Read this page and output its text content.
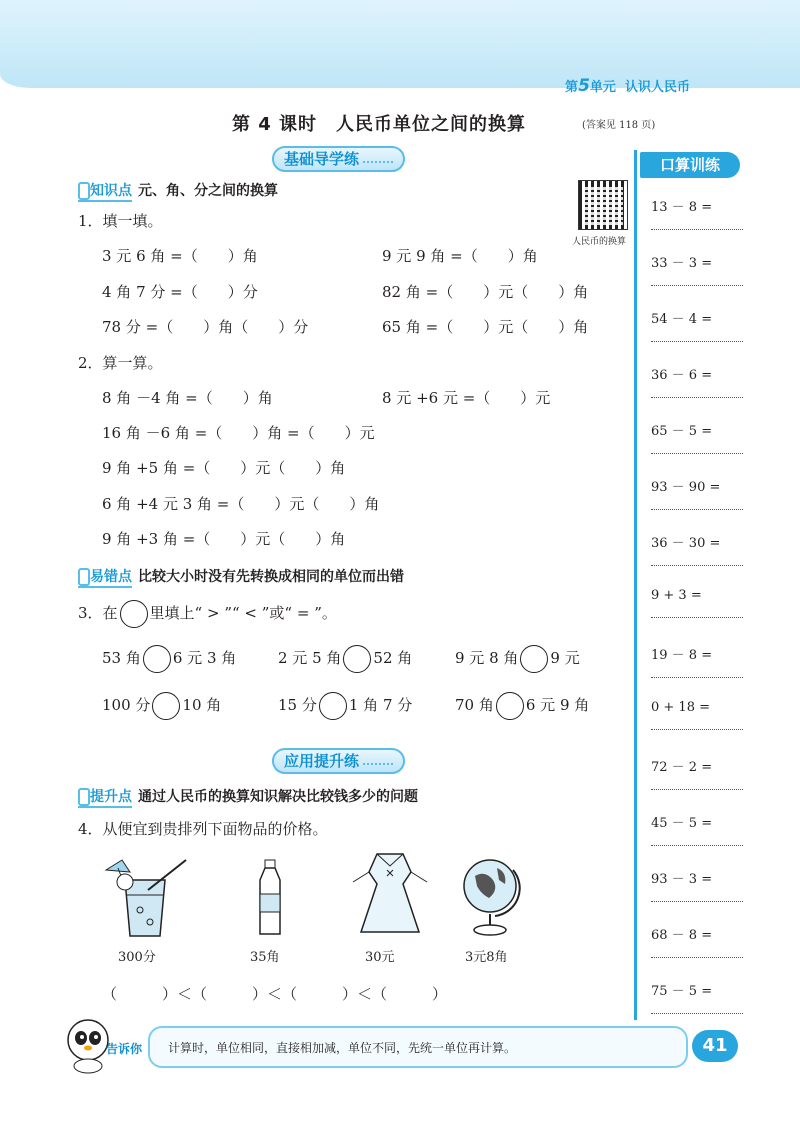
第5单元 认识人民币
第 4 课时　人民币单位之间的换算	(答案见 118 页)
基础导学练
知识点 元、角、分之间的换算
人民币的换算
1．填一填。
3 元 6 角 =（　　）角	9 元 9 角 =（　　）角
4 角 7 分 =（　　）分	82 角 =（　　）元（　　）角
78 分 =（　　）角（　　）分	65 角 =（　　）元（　　）角
2．算一算。
8 角 －4 角 =（　　）角	8 元 +6 元 =（　　）元
16 角 －6 角 =（　　）角 =（　　）元
9 角 +5 角 =（　　）元（　　）角
6 角 +4 元 3 角 =（　　）元（　　）角
9 角 +3 角 =（　　）元（　　）角
易错点 比较大小时没有先转换成相同的单位而出错
3．在 里填上“ > ”“ < ”或“ = ”。
53 角 6 元 3 角	2 元 5 角 52 角	9 元 8 角 9 元
100 分 10 角	15 分 1 角 7 分	70 角 6 元 9 角
应用提升练
提升点 通过人民币的换算知识解决比较钱多少的问题
4．从便宜到贵排列下面物品的价格。
300分	35角	30元	3元8角
（　　　）＜（　　　）＜（　　　）＜（　　　）
口算训练
13 － 8 =
33 － 3 =
54 － 4 =
36 － 6 =
65 － 5 =
93 － 90 =
36 － 30 =
9 + 3 =
19 － 8 =
0 + 18 =
72 － 2 =
45 － 5 =
93 － 3 =
68 － 8 =
75 － 5 =
告诉你 计算时，单位相同，直接相加减，单位不同，先统一单位再计算。	41
